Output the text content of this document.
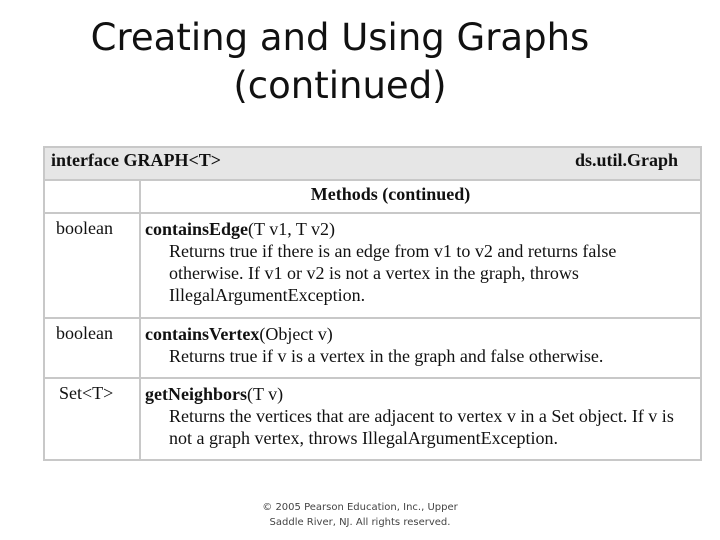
Creating and Using Graphs
(continued)
interface GRAPH<T> ds.util.Graph	

	Methods (continued)
boolean	containsEdge(T v1, T v2)
Returns true if there is an edge from v1 to v2 and returns false otherwise. If v1 or v2 is not a vertex in the graph, throws IllegalArgumentException.

boolean	containsVertex(Object v)
Returns true if v is a vertex in the graph and false otherwise.

Set<T>	getNeighbors(T v)
Returns the vertices that are adjacent to vertex v in a Set object. If v is not a graph vertex, throws IllegalArgumentException.
© 2005 Pearson Education, Inc., Upper
Saddle River, NJ. All rights reserved.
